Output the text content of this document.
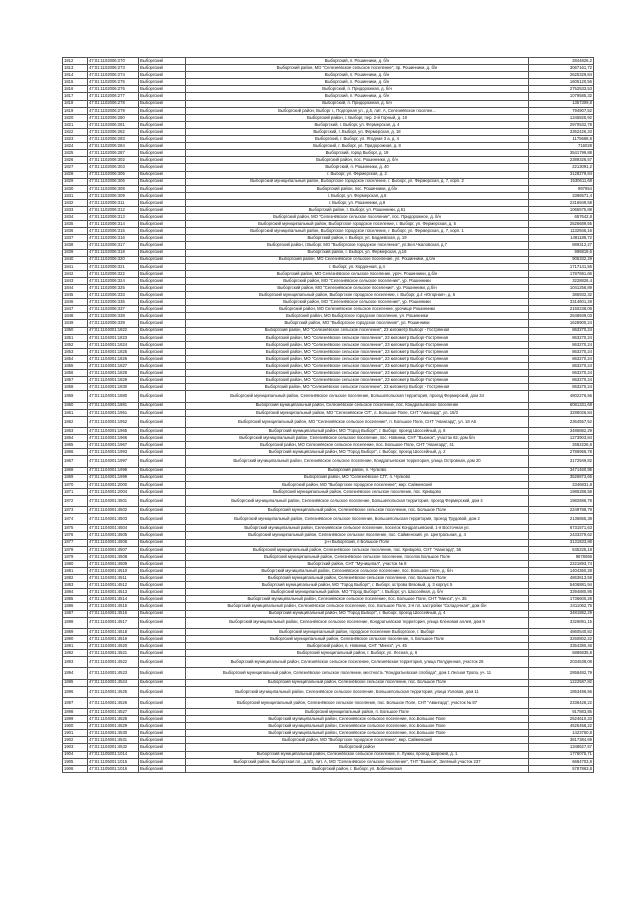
1812	47:01:1102006:270	Выборгский	Выборгский, п. Рошинники, д. б/н	2844826,2
1813	47:01:1102006:273	Выборгский	Выборгский район, МО "Селезнёвское сельское поселение", пр. Рошинники, д. б/н	3067161,72
1814	47:01:1102006:274	Выборгский	Выборгский, п. Рошинники, д. б/н	2625329,84
1815	47:01:1102006:275	Выборгский	Выборгский, п. Рошинники, д. б/н	1605120,56
1816	47:01:1102006:276	Выборгский	Выборгский, п. Придорожная, д. б/н	2752533,53
1817	47:01:1102006:277	Выборгский	Выборгский, п. Рошинники, д. б/н	1079585,32
1818	47:01:1102006:278	Выборгский	Выборгский, п. Придорожная, д. б/н	1357309,8
1819	47:01:1102006:279	Выборгский	Выборгский район, Выборг г., Подгорная ул., д.5, лит. А, Селезнёвское поселен...	794907,52
1820	47:01:1102006:280	Выборгский	Выборгский район, г. Выборг, пер. 2-й Горный, д. 10	1345825,92
1821	47:01:1102006:281	Выборгский	Выборгский, г. Выборг, ул. Фермерская, д. 4	2970532,78
1822	47:01:1102006:282	Выборгский	Выборгский, г. Выборг, ул. Фермерская, д. 18	3352426,33
1823	47:01:1102006:283	Выборгский	Выборгский, г. Выборг, ул. Ягодная 3 а, д. 4	1175668,8
1824	47:01:1102006:284	Выборгский	Выборгский, г. Выборг, ул. Придорожная, д. 8	716028
1825	47:01:1102006:287	Выборгский	Выборгский, город Выборг, д. 19	3541799,88
1826	47:01:1102006:302	Выборгский	Выборгский район, пос. Рошинники, д. б/н	2389326,57
1827	47:01:1102006:303	Выборгский	Выборгский, п. Рошинники, д. 40	2213091,2
1828	47:01:1102006:305	Выборгский	г. Выборг, ул. Фермерская, д. 2	3128279,84
1829	47:01:1102006:306	Выборгский	Выборгский муниципальный район, Выборгское городское поселение, г. Выборг, ул. Фермерская, д. 7, корп. 2	1530611,68
1830	47:01:1102006:308	Выборгский	Выборгский район, пос. Рошинники, д.б/н	997954
1831	47:01:1102006:309	Выборгский	г. Выборг, ул. Фермерская, д.6	3396571,4
1832	47:01:1102006:311	Выборгский	г. Выборг, ул. Рошинники, д.8	2316949,58
1833	47:01:1102006:312	Выборгский	Выборгский район, г. Выборг, ул. Рошинники, д.61	1065575,88
1834	47:01:1102006:313	Выборгский	Выборгский район, МО "Селезнёвское сельское поселение", пос. Придорожное, д. б/н	657642,8
1835	47:01:1102006:314	Выборгский	Выборгский муниципальный район, Выборгское городское поселение, г. Выборг, ул. Фермерская, д. 5	2526689,55
1836	47:01:1102006:315	Выборгский	Выборгский муниципальный район, Выборгское городское поселение, г. Выборг, ул. Фермерская, д. 7, корп. 1	1132946,16
1837	47:01:1102006:316	Выборгский	Выборгский район, г. Выборг, ул. Бадаевская, д. 19	1481185,72
1838	47:01:1102006:317	Выборгский	Выборгский район, г.Выборг, МО "Выборгское городское поселение", ул.Бел.Чкаловская, д.7	889312,27
1839	47:01:1102006:318	Выборгский	Выборгский район, г. Выборг, ул. Фермерская, д.16	996819,6
1840	47:01:1102006:320	Выборгский	Выборгский район, МО Селезнёвское сельское поселение, ул. Рошинники, д.б/н	905332,29
1841	47:01:1102006:321	Выборгский	г. Выборг, ул. Кордонная, д.4	1717141,56
1842	47:01:1102006:322	Выборгский	Выборгский район, МО Селезнёвское сельское поселение, уроч. Рошинники, д.б/н	1787691,66
1843	47:01:1102006:324	Выборгский	Выборгский район, МО "Селезнёвское сельское поселение", ур. Рошинники	3228826,4
1844	47:01:1102006:325	Выборгский	Выборгский район, МО "Селезнёвское сельское поселение", ур. Рошинники, д.б/н	1041256,89
1845	47:01:1102006:333	Выборгский	Выборгский муниципальный район, Выборгское городское поселение, г. Выборг, д.4 «Югорная», д. 5	385932,32
1846	47:01:1102006:335	Выборгский	Выборгский район, МО "Селезнёвское сельское поселение", ур. Рошинники	3314601,28
1847	47:01:1102006:337	Выборгский	Выборгский район, МО Селезнёвское сельское поселение, урочище Рошинники	2150238,08
1848	47:01:1102006:338	Выборгский	Выборгский район, МО Выборгское городское поселение, ул. Рошинники	2548949,03
1849	47:01:1102006:339	Выборгский	Выборгский район, МО "Выборгское городское поселение", ул. Рошинники	1628900,24
1850	47:01:1104001:1822	Выборгский	Выборгский район, МО "Селезнёвское сельское поселение", 23 километр Выборг - Гострянная	863270,24
1851	47:01:1104001:1823	Выборгский	Выборгский район, МО "Селезнёвское сельское поселение", 23 километр Выборг-Гострянная	863270,24
1852	47:01:1104001:1824	Выборгский	Выборгский район, МО "Селезнёвское сельское поселение", 23 километр Выборг-Гострянная	863270,24
1853	47:01:1104001:1825	Выборгский	Выборгский район, МО "Селезнёвское сельское поселение", 23 километр Выборг-Гострянная	863270,24
1854	47:01:1104001:1826	Выборгский	Выборгский район, МО "Селезнёвское сельское поселение", 23 километр Выборг-Гострянная	863270,24
1855	47:01:1104001:1827	Выборгский	Выборгский район, МО "Селезнёвское сельское поселение", 23 километр Выборг-Гострянная	863270,24
1856	47:01:1104001:1828	Выборгский	Выборгский район, МО "Селезнёвское сельское поселение", 23 километр Выборг-Гострянная	863270,24
1857	47:01:1104001:1829	Выборгский	Выборгский район, МО "Селезнёвское сельское поселение", 23 километр Выборг-Гострянная	863270,24
1858	47:01:1104001:1830	Выборгский	Выборгский район, МО "Селезнёвское сельское поселение", 23 километр Выборг - Гострянная	863270,24
1859	47:01:1104001:1880	Выборгский	Выборгский муниципальный район, Селезнёвское сельское поселение, Большепольская территория, проезд Фермерский, дом 34	4802276,56
1860	47:01:1104001:1881	Выборгский	Выборгский муниципальный район, Селезнёвское сельское поселение, пос. Кондратьевское поселение	6081331,68
1861	47:01:1104001:1951	Выборгский	Выборгский муниципальный район, МО "Селезнёвское СП", п. Большое Поле, СНТ "Авангард", ул. 18/3	3288026,84
1862	47:01:1104001:1952	Выборгский	Выборгский муниципальный район, МО "Селезнёвское сельское поселение", п. Большое Поле, СНТ "Авангард", ул. 18 А6	2364557,52
1863	47:01:1104001:1965	Выборгский	Выборгский муниципальный район, МО "Город Выборг", г. Выборг, проезд Шоссейный, д. 6	3485882,29
1864	47:01:1104001:1966	Выборгский	Выборгский муниципальный район, Селезнёвское сельское поселение, пос. Новинки, СНТ "Вьюнок", участок 62, дом б/н	1273903,84
1865	47:01:1104001:1967	Выборгский	Выборгский район, МО Селезнёвское сельское поселение, пос. Большое Поле, СНТ "Авангард", 41	2582226,8
1866	47:01:1104001:1993	Выборгский	Выборгский муниципальный район, МО "Город Выборг", г. Выборг, проезд Шоссейный, д. 2	2786966,78
1867	47:01:1104001:1997	Выборгский	Выборгский муниципальный район, Селезнёвское сельское поселение, Кондратьевская территория, улица Островная, дом 20	3172949,82
1868	47:01:1104001:1998	Выборгский	Выборгский район, п. Чулково	3471460,95
1869	47:01:1104001:1999	Выборгский	Выборгский район, МО "Селезнёвское СП", п. Чулково	3526873,65
1870	47:01:1104001:2000	Выборгский	Выборгский район, МО "Выборгское городское поселение", мкр. Сайменский	2346831,8
1871	47:01:1104001:2004	Выборгский	Выборгский муниципальный район, Селезнёвское сельское поселение, пос. Кривцово	1985286,58
1872	47:01:1104001:4501	Выборгский	Выборгский муниципальный район, Селезнёвское сельское поселение, Большепольская территория, проезд Фермерский, дом 4	1982686,78
1873	47:01:1104001:4502	Выборгский	Выборгский муниципальный район, Селезнёвское сельское поселение, пос. Большое Поле	2249788,79
1874	47:01:1104001:4503	Выборгский	Выборгский муниципальный район, Селезнёвское сельское поселение, Большепольская территория, проезд Трудовой, дом 2	2136865,38
1875	47:01:1104001:4504	Выборгский	Выборгский муниципальный район, Селезнёвское сельское поселение, поселок Кондратьевский, 1-я Восточная ул.	6731571,63
1876	47:01:1104001:4505	Выборгский	Выборгский муниципальный район, Селезнёвское сельское поселение, пос. Сайменский, ул. Центральная, д. 4	2433379,62
1877	47:01:1104001:4506	Выборгский	р-н Выборгский, п Большое Поле	3131833,86
1878	47:01:1104001:4507	Выборгский	Выборгский муниципальный район, Селезнёвское сельское поселение, пос. Кривцово, СНТ "Авангард", 55	545225,18
1879	47:01:1104001:4508	Выборгский	Выборгский муниципальный район, Селезнёвское сельское поселение, поселок Большое Поле	9678066
1880	47:01:1104001:4509	Выборгский	Выборгский район, СНТ "Муниципал", участок № 8	2221893,74
1881	47:01:1104001:4510	Выборгский	Выборгский муниципальный район, Селезнёвское сельское поселение, пос. Большое Поле, д. б/н	1404360,28
1882	47:01:1104001:4511	Выборгский	Выборгский муниципальный район, Селезнёвское сельское поселение, пос. Большое Поле	4863613,58
1883	47:01:1104001:4512	Выборгский	Выборгский муниципальный район, МО "Город Выборг", г. Выборг, острова Вязовый, д. 3 корпус 5	5406881,94
1884	47:01:1104001:4513	Выборгский	Выборгский муниципальный район, МО "Город Выборг", г. Выборг, ул. Шоссейная, д. б/н	3394880,86
1885	47:01:1104001:4514	Выборгский	Выборгский муниципальный район, Селезнёвское сельское поселение, пос. Большое Поле, СНТ "Минск", уч. 35	1736600,28
1886	47:01:1104001:4515	Выборгский	Выборгский муниципальный район, Селезнёвское сельское поселение, пос. Большое Поле, 2-я пл. застройки "Складочная", дом б/н	2411062,75
1887	47:01:1104001:4516	Выборгский	Выборгский муниципальный район, МО "Город Выборг", г. Выборг, проезд Шоссейный, д. 4	3481882,29
1888	47:01:1104001:4517	Выборгский	Выборгский муниципальный район, Селезнёвское сельское поселение, Кондратьевская территория, улица Кленовая аллея, дом 9	3326891,15
1889	47:01:1104001:4518	Выборгский	Выборгский муниципальный район, городское поселение Выборгское, г. Выборг	4860540,82
1890	47:01:1104001:4519	Выборгский	Выборгский муниципальный район, Селезнёвское сельское поселение, п. Большое Поле	3260802,22
1891	47:01:1104001:4520	Выборгский	Выборгский район, п. Новинки, СНТ "Минск", уч. 45	3354380,46
1892	47:01:1104001:4521	Выборгский	Выборгский муниципальный район, г. Выборг, ул. Лесная, д. 6	5886835,8
1893	47:01:1104001:4522	Выборгский	Выборгский муниципальный район, Селезнёвское сельское поселение, Селезнёвская территория, улица Полуденная, участок 26	2034538,08
1894	47:01:1104001:4523	Выборгский	Выборгский муниципальный район, Селезнёвское сельское поселение, местность "Кондратьевская слобода", дом 1 Лесная Тропа, уч. 11	2858482,79
1895	47:01:1104001:4524	Выборгский	Выборгский муниципальный район, Селезнёвское сельское поселение, пос. Большое Поле	1222587,82
1896	47:01:1104001:4525	Выборгский	Выборгский муниципальный район, Селезнёвское сельское поселение, Большепольская территория, улица Узловая, дом 11	1853496,56
1897	47:01:1104001:4526	Выборгский	Выборгский муниципальный район, Селезнёвское сельское поселение, пос. Большое Поле, СНТ "Авангард", участок № 87	2336428,22
1898	47:01:1104001:4527	Выборгский	Выборгский муниципальный район, п. Большое Поле	917883,85
1899	47:01:1104001:4528	Выборгский	Выборгский муниципальный район, Селезнёвское сельское поселение, пос.Большое Поле	2524610,33
1900	47:01:1104001:4529	Выборгский	Выборгский муниципальный район, Селезнёвское сельское поселение, пос.Большое Поле	4525458,22
1901	47:01:1104001:4530	Выборгский	Выборгский муниципальный район, Селезнёвское сельское поселение, пос.Большое Поле	1423750,8
1902	47:01:1104001:4531	Выборгский	Выборгский район, МО "Выборгское городское поселение", мкр. Сайменский	3817384,69
1903	47:01:1104001:4532	Выборгский	Выборгский район	1348627,57
1904	47:01:1105001:1014	Выборгский	Выборгский муниципальный район, Селезнёвское сельское поселение, п. Лужки, проезд Широкий, д. 1	1778075,71
1905	47:01:1105001:1015	Выборгский	Выборгский район, Выборгская пл., д.8/1, лит. А, МО "Селезнёвское сельское поселение", ТНТ "Вьюнок", Зелёный участок 237	6684703,9
1906	47:01:1105001:1016	Выборгский	Выборгский район, г. Выборг, ул. Бобочинская	5787863,8
